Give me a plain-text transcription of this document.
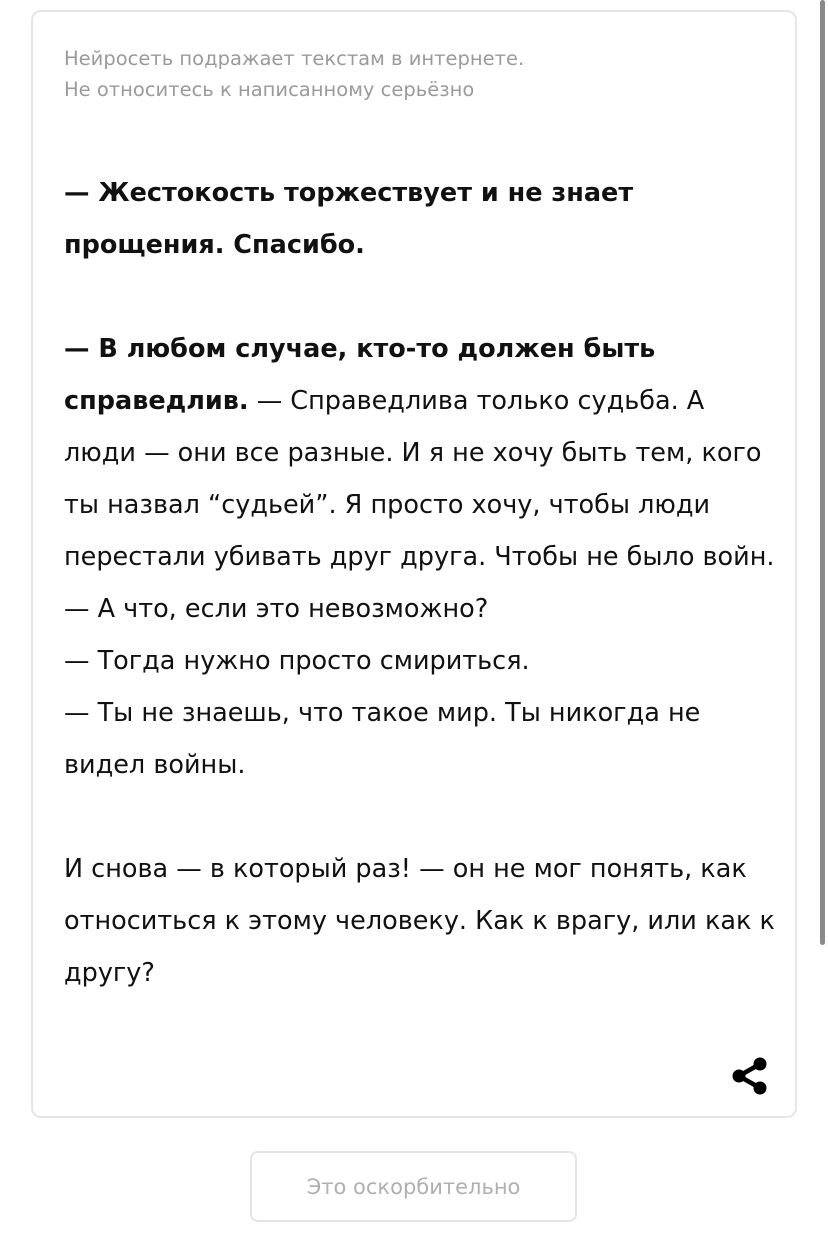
Нейросеть подражает текстам в интернете.
Не относитесь к написанному серьёзно

— Жестокость торжествует и не знает прощения. Спасибо.

— В любом случае, кто-то должен быть справедлив. — Справедлива только судьба. А люди — они все разные. И я не хочу быть тем, кого ты назвал “судьей”. Я просто хочу, чтобы люди перестали убивать друг друга. Чтобы не было войн.
— А что, если это невозможно?
— Тогда нужно просто смириться.
— Ты не знаешь, что такое мир. Ты никогда не видел войны.

И снова — в который раз! — он не мог понять, как относиться к этому человеку. Как к врагу, или как к другу?

Это оскорбительно
